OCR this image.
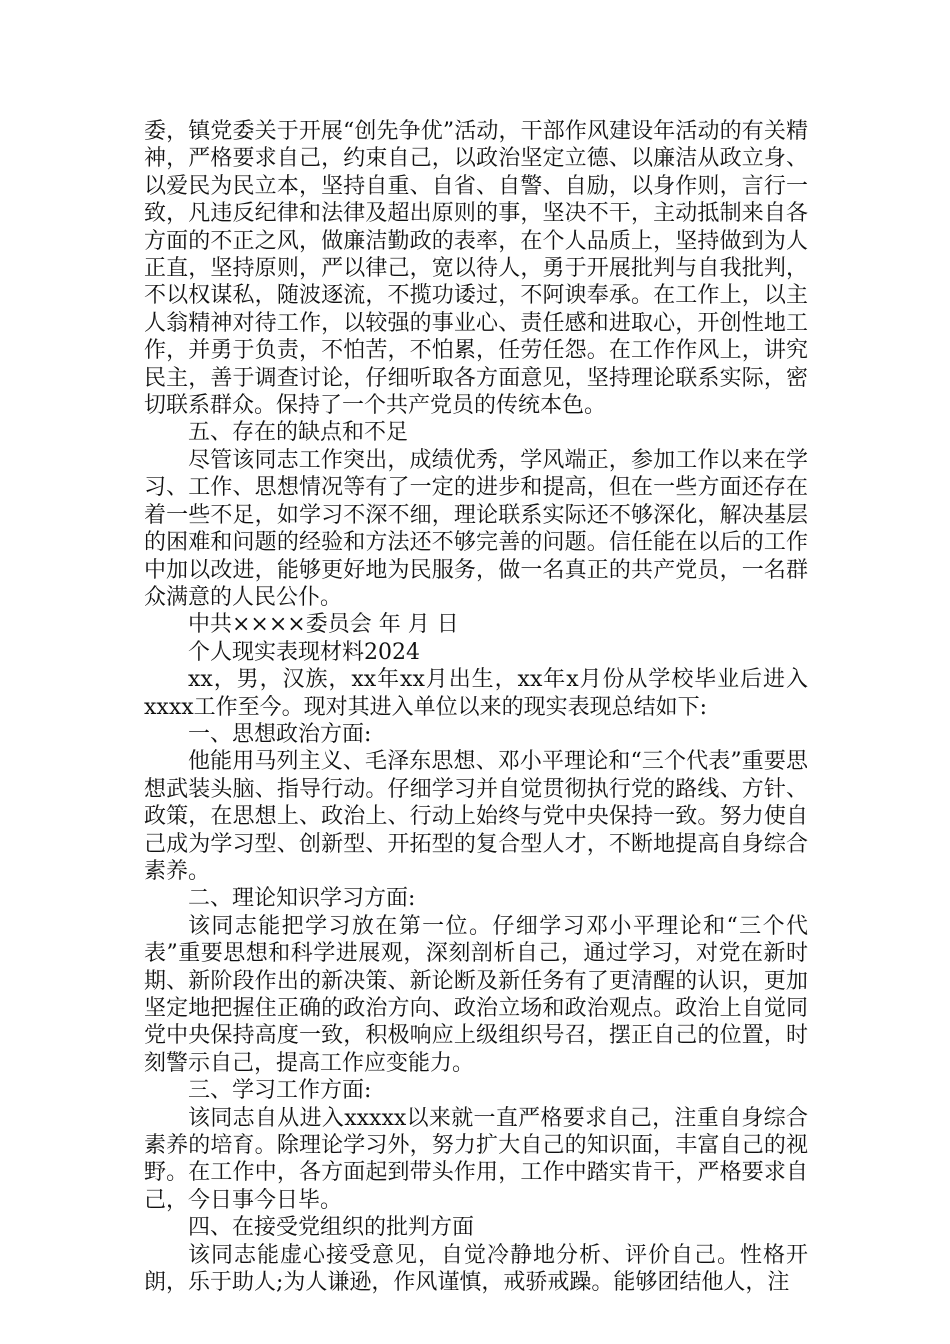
委，镇党委关于开展“创先争优”活动，干部作风建设年活动的有关精神，严格要求自己，约束自己，以政治坚定立德、以廉洁从政立身、以爱民为民立本，坚持自重、自省、自警、自励，以身作则，言行一致，凡违反纪律和法律及超出原则的事，坚决不干，主动抵制来自各方面的不正之风，做廉洁勤政的表率，在个人品质上，坚持做到为人正直，坚持原则，严以律己，宽以待人，勇于开展批判与自我批判，不以权谋私，随波逐流，不揽功诿过，不阿谀奉承。在工作上，以主人翁精神对待工作，以较强的事业心、责任感和进取心，开创性地工作，并勇于负责，不怕苦，不怕累，任劳任怨。在工作作风上，讲究民主，善于调查讨论，仔细听取各方面意见，坚持理论联系实际，密切联系群众。保持了一个共产党员的传统本色。

五、存在的缺点和不足

尽管该同志工作突出，成绩优秀，学风端正，参加工作以来在学习、工作、思想情况等有了一定的进步和提高，但在一些方面还存在着一些不足，如学习不深不细，理论联系实际还不够深化，解决基层的困难和问题的经验和方法还不够完善的问题。信任能在以后的工作中加以改进，能够更好地为民服务，做一名真正的共产党员，一名群众满意的人民公仆。

中共××××委员会 年 月 日

个人现实表现材料2024

xx，男，汉族，xx年xx月出生，xx年x月份从学校毕业后进入xxxx工作至今。现对其进入单位以来的现实表现总结如下:

一、思想政治方面:

他能用马列主义、毛泽东思想、邓小平理论和“三个代表”重要思想武装头脑、指导行动。仔细学习并自觉贯彻执行党的路线、方针、政策，在思想上、政治上、行动上始终与党中央保持一致。努力使自己成为学习型、创新型、开拓型的复合型人才，不断地提高自身综合素养。

二、理论知识学习方面:

该同志能把学习放在第一位。仔细学习邓小平理论和“三个代表”重要思想和科学进展观，深刻剖析自己，通过学习，对党在新时期、新阶段作出的新决策、新论断及新任务有了更清醒的认识，更加坚定地把握住正确的政治方向、政治立场和政治观点。政治上自觉同党中央保持高度一致，积极响应上级组织号召，摆正自己的位置，时刻警示自己，提高工作应变能力。

三、学习工作方面:

该同志自从进入xxxxx以来就一直严格要求自己，注重自身综合素养的培育。除理论学习外，努力扩大自己的知识面，丰富自己的视野。在工作中，各方面起到带头作用，工作中踏实肯干，严格要求自己，今日事今日毕。

四、在接受党组织的批判方面

该同志能虚心接受意见，自觉冷静地分析、评价自己。性格开朗，乐于助人;为人谦逊，作风谨慎，戒骄戒躁。能够团结他人，注
